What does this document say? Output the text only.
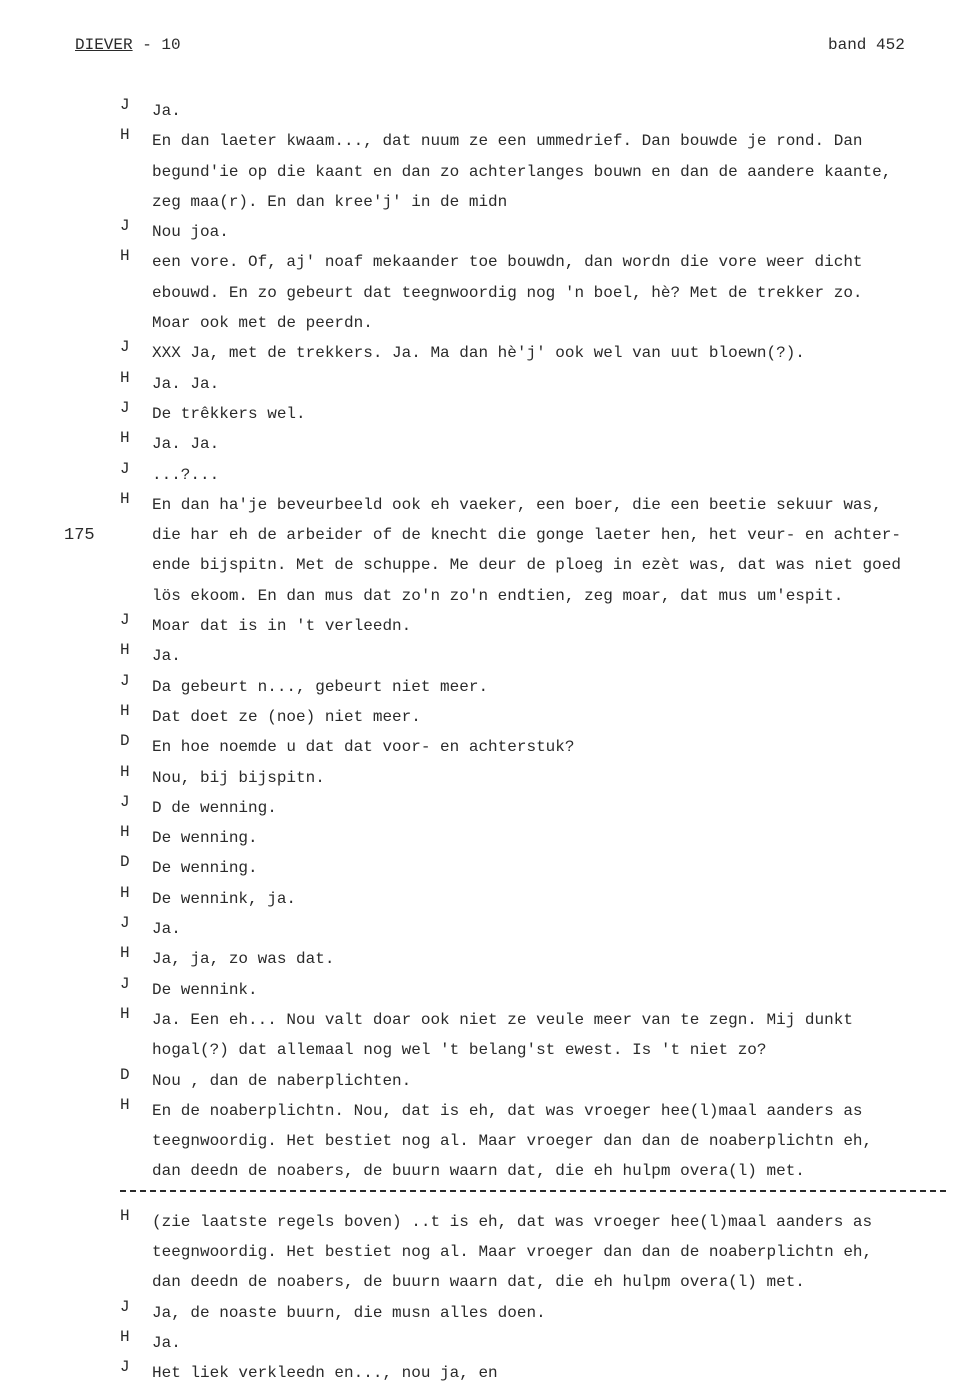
DIEVER - 10	band 452
175
J Ja.
H En dan laeter kwaam..., dat nuum ze een ummedrief. Dan bouwde je rond. Dan
begund'ie op die kaant en dan zo achterlanges bouwn en dan de aandere kaante,
zeg maa(r). En dan kree'j' in de midn
J Nou joa.
H een vore. Of, aj' noaf mekaander toe bouwdn, dan wordn die vore weer dicht
ebouwd. En zo gebeurt dat teegnwoordig nog 'n boel, hè? Met de trekker zo.
Moar ook met de peerdn.
J XXX Ja, met de trekkers. Ja. Ma dan hè'j' ook wel van uut bloewn(?).
H Ja. Ja.
J De trêkkers wel.
H Ja. Ja.
J ...?...
H En dan ha'je beveurbeeld ook eh vaeker, een boer, die een beetie sekuur was,
die har eh de arbeider of de knecht die gonge laeter hen, het veur- en achter-
ende bijspitn. Met de schuppe. Me deur de ploeg in ezèt was, dat was niet goed
lös ekoom. En dan mus dat zo'n zo'n endtien, zeg moar, dat mus um'espit.
J Moar dat is in 't verleedn.
H Ja.
J Da gebeurt n..., gebeurt niet meer.
H Dat doet ze (noe) niet meer.
D En hoe noemde u dat dat voor- en achterstuk?
H Nou, bij bijspitn.
J D de wenning.
H De wenning.
D De wenning.
H De wennink, ja.
J Ja.
H Ja, ja, zo was dat.
J De wennink.
H Ja. Een eh... Nou valt doar ook niet ze veule meer van te zegn. Mij dunkt
hogal(?) dat allemaal nog wel 't belang'st ewest. Is 't niet zo?
D Nou , dan de naberplichten.
H En de noaberplichtn. Nou, dat is eh, dat was vroeger hee(l)maal aanders as
teegnwoordig. Het bestiet nog al. Maar vroeger dan dan de noaberplichtn eh,
dan deedn de noabers, de buurn waarn dat, die eh hulpm overa(l) met.
H (zie laatste regels boven) ..t is eh, dat was vroeger hee(l)maal aanders as
teegnwoordig. Het bestiet nog al. Maar vroeger dan dan de noaberplichtn eh,
dan deedn de noabers, de buurn waarn dat, die eh hulpm overa(l) met.
J Ja, de noaste buurn, die musn alles doen.
H Ja.
J Het liek verkleedn en..., nou ja, en
